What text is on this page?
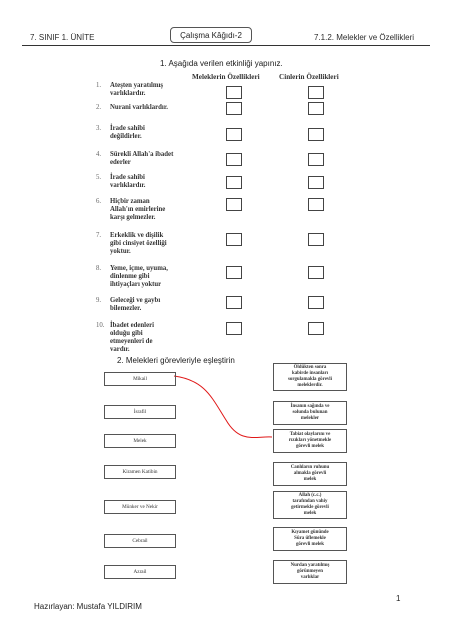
7. SINIF 1. ÜNİTE	Çalışma Kâğıdı-2	7.1.2. Melekler ve Özellikleri
1. Aşağıda verilen etkinliği yapınız.
Meleklerin Özellikleri	Cinlerin Özellikleri
1.	Ateşten yaratılmış
varlıklardır.
2.	Nurani varlıklardır.
3.	İrade sahibi
değildirler.
4.	Sürekli Allah'a ibadet
ederler
5.	İrade sahibi
varlıklardır.
6.	Hiçbir zaman
Allah'ın emirlerine
karşı gelmezler.
7.	Erkeklik ve dişilik
gibi cinsiyet özelliği
yoktur.
8.	Yeme, içme, uyuma,
dinlenme gibi
ihtiyaçları yoktur
9.	Geleceği ve gaybı
bilemezler.
10. İbadet edenleri
olduğu gibi
etmeyenleri de
vardır.
2. Melekleri görevleriyle eşleştirin
Mikail
İsrafil
Melek
Kiramen Katibin
Münker ve Nekir
Cebrail
Azrail
Öldükten sonra
kabirde insanları
sorgulamakla görevli
meleklerdir.
İnsanın sağında ve
solunda bulunan
melekler
Tabiat olaylarını ve
rızıkları yönetmekle
görevli melek
Canlıların ruhunu
almakla görevli
melek
Allah (c.c.)
tarafından vahiy
getirmekle görevli
melek
Kıyamet gününde
Sûra üflemekle
görevli melek
Nurdan yaratılmış
görünmeyen
varlıklar
Hazırlayan: Mustafa YILDIRIM
1
